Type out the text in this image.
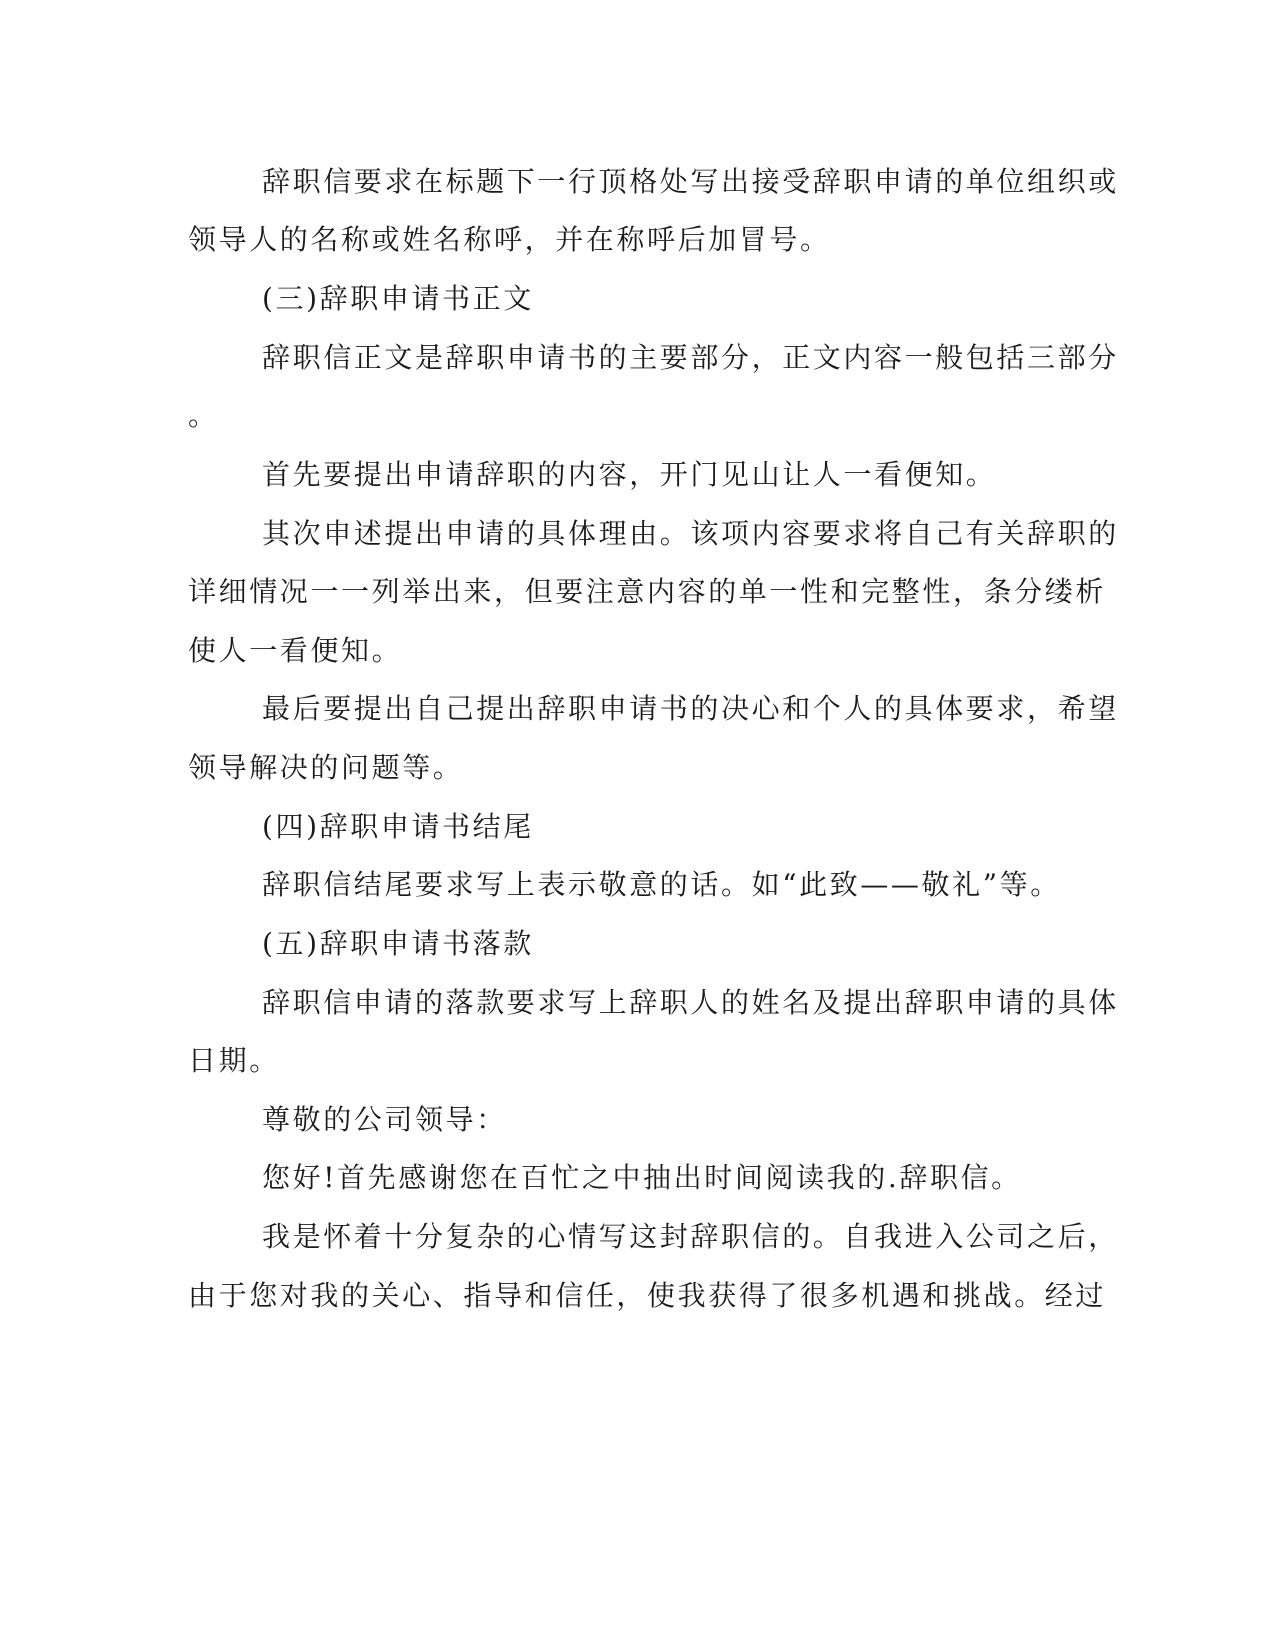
辞职信要求在标题下一行顶格处写出接受辞职申请的单位组织或
领导人的名称或姓名称呼，并在称呼后加冒号。
(三)辞职申请书正文
辞职信正文是辞职申请书的主要部分，正文内容一般包括三部分
。
首先要提出申请辞职的内容，开门见山让人一看便知。
其次申述提出申请的具体理由。该项内容要求将自己有关辞职的
详细情况一一列举出来，但要注意内容的单一性和完整性，条分缕析
使人一看便知。
最后要提出自己提出辞职申请书的决心和个人的具体要求，希望
领导解决的问题等。
(四)辞职申请书结尾
辞职信结尾要求写上表示敬意的话。如“此致——敬礼”等。
(五)辞职申请书落款
辞职信申请的落款要求写上辞职人的姓名及提出辞职申请的具体
日期。
尊敬的公司领导：
您好!首先感谢您在百忙之中抽出时间阅读我的.辞职信。
我是怀着十分复杂的心情写这封辞职信的。自我进入公司之后，
由于您对我的关心、指导和信任，使我获得了很多机遇和挑战。经过
